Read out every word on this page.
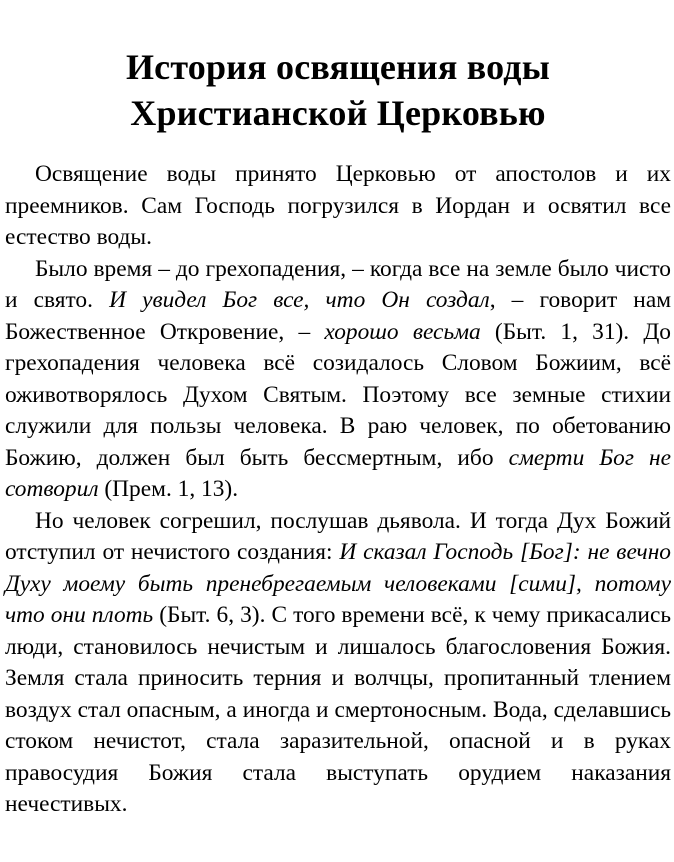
История освящения воды
Христианской Церковью

Освящение воды принято Церковью от апостолов и их преемников. Сам Господь погрузился в Иордан и освятил все естество воды.

Было время – до грехопадения, – когда все на земле было чисто и свято. И увидел Бог все, что Он создал, – говорит нам Божественное Откровение, – хорошо весьма (Быт. 1, 31). До грехопадения человека всё созидалось Словом Божиим, всё оживотворялось Духом Святым. Поэтому все земные стихии служили для пользы человека. В раю человек, по обетованию Божию, должен был быть бессмертным, ибо смерти Бог не сотворил (Прем. 1, 13).

Но человек согрешил, послушав дьявола. И тогда Дух Божий отступил от нечистого создания: И сказал Господь [Бог]: не вечно Духу моему быть пренебрегаемым человеками [сими], потому что они плоть (Быт. 6, 3). С того времени всё, к чему прикасались люди, становилось нечистым и лишалось благословения Божия. Земля стала приносить терния и волчцы, пропитанный тлением воздух стал опасным, а иногда и смертоносным. Вода, сделавшись стоком нечистот, стала заразительной, опасной и в руках правосудия Божия стала выступать орудием наказания нечестивых.
